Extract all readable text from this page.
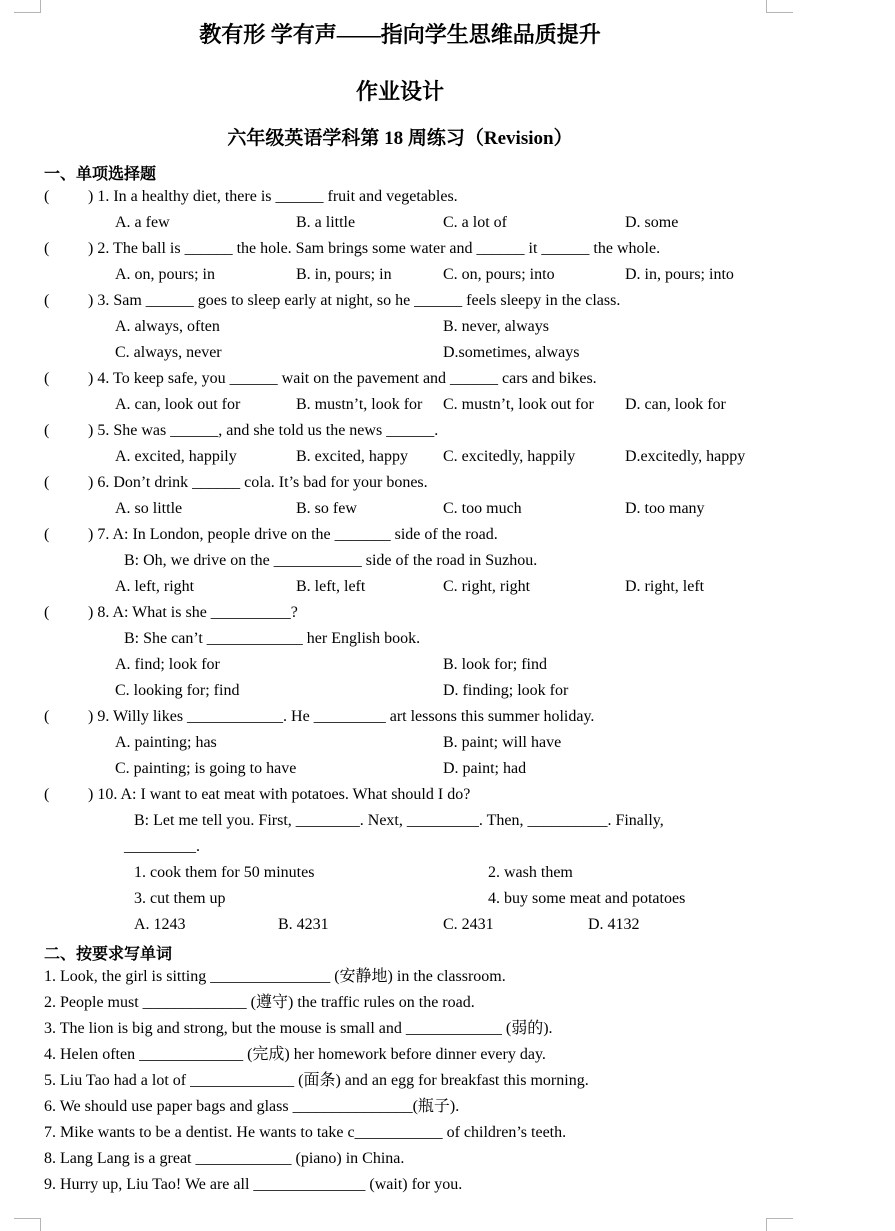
教有形 学有声——指向学生思维品质提升
作业设计
六年级英语学科第 18 周练习（Revision）
一、单项选择题
( ) 1. In a healthy diet, there is ______ fruit and vegetables.
A. a few	B. a little	C. a lot of	D. some
( ) 2. The ball is ______ the hole. Sam brings some water and ______ it ______ the whole.
A. on, pours; in	B. in, pours; in	C. on, pours; into	D. in, pours; into
( ) 3. Sam ______ goes to sleep early at night, so he ______ feels sleepy in the class.
A. always, often	B. never, always
C. always, never	D.sometimes, always
( ) 4. To keep safe, you ______ wait on the pavement and ______ cars and bikes.
A. can, look out for	B. mustn’t, look for C. mustn’t, look out for D. can, look for
( ) 5. She was ______, and she told us the news ______.
A. excited, happily	B. excited, happy C. excitedly, happily	D.excitedly, happy
( ) 6. Don’t drink ______ cola. It’s bad for your bones.
A. so little	B. so few	C. too much	D. too many
( ) 7. A: In London, people drive on the _______ side of the road.
B: Oh, we drive on the ___________ side of the road in Suzhou.
A. left, right	B. left, left	C. right, right	D. right, left
( ) 8. A: What is she __________?
B: She can’t ____________ her English book.
A. find; look for	B. look for; find
C. looking for; find	D. finding; look for
( ) 9. Willy likes ____________. He _________ art lessons this summer holiday.
A. painting; has	B. paint; will have
C. painting; is going to have	D. paint; had
( ) 10. A: I want to eat meat with potatoes. What should I do?
B: Let me tell you. First, ________. Next, _________. Then, __________. Finally,
_________.
1. cook them for 50 minutes	2. wash them
3. cut them up	4. buy some meat and potatoes
A. 1243	B. 4231	C. 2431	D. 4132
二、按要求写单词
1. Look, the girl is sitting _______________ (安静地) in the classroom.
2. People must _____________ (遵守) the traffic rules on the road.
3. The lion is big and strong, but the mouse is small and ____________ (弱的).
4. Helen often _____________ (完成) her homework before dinner every day.
5. Liu Tao had a lot of _____________ (面条) and an egg for breakfast this morning.
6. We should use paper bags and glass _______________(瓶子).
7. Mike wants to be a dentist. He wants to take c___________ of children’s teeth.
8. Lang Lang is a great ____________ (piano) in China.
9. Hurry up, Liu Tao! We are all ______________ (wait) for you.
